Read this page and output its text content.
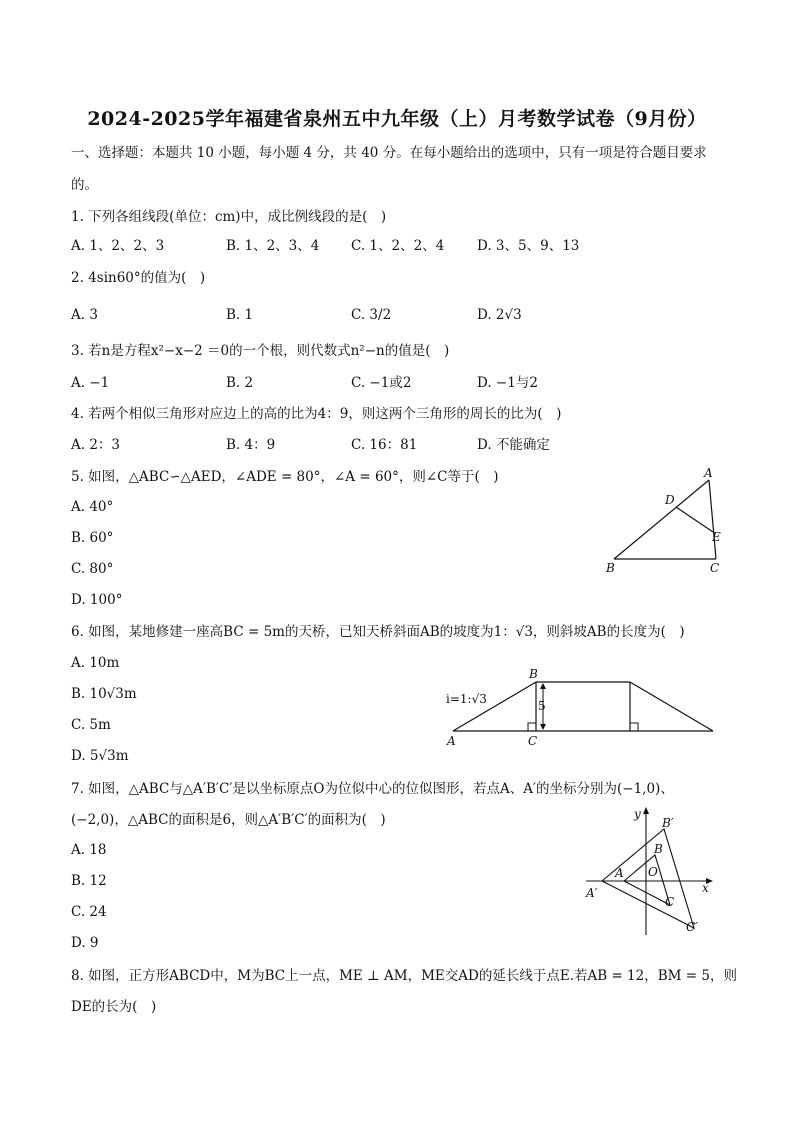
2024-2025学年福建省泉州五中九年级（上）月考数学试卷（9月份）
一、选择题：本题共 10 小题，每小题 4 分，共 40 分。在每小题给出的选项中，只有一项是符合题目要求
的。
1. 下列各组线段(单位：cm)中，成比例线段的是(　)
A. 1、2、2、3	B. 1、2、3、4 C. 1、2、2、4 D. 3、5、9、13
2. 4sin60°的值为(　)
A. 3	B. 1	C. 3/2	D. 2√3
3. 若n是方程x²−x−2 ＝0的一个根，则代数式n²−n的值是(　)
A. −1	B. 2	C. −1或2	D. −1与2
4. 若两个相似三角形对应边上的高的比为4：9，则这两个三角形的周长的比为(　)
A. 2：3	B. 4：9	C. 16：81	D. 不能确定
5. 如图，△ABC∽△AED，∠ADE = 80°，∠A = 60°，则∠C等于(　)
A. 40°
B. 60°
C. 80°
D. 100°
A
D
E
B	C
6. 如图，某地修建一座高BC = 5m的天桥，已知天桥斜面AB的坡度为1：√3，则斜坡AB的长度为(　)
A. 10m
B. 10√3m
C. 5m
D. 5√3m
5
i=1:√3
B
A	C
7. 如图，△ABC与△A′B′C′是以坐标原点O为位似中心的位似图形，若点A、A′的坐标分别为(−1,0)、
(−2,0)，△ABC的面积是6，则△A′B′C′的面积为(　)
A. 18
B. 12
C. 24
D. 9
y
B′
B
A O
A′
C
C′
x
8. 如图，正方形ABCD中，M为BC上一点，ME ⊥ AM，ME交AD的延长线于点E.若AB = 12，BM = 5，则
DE的长为(　)
